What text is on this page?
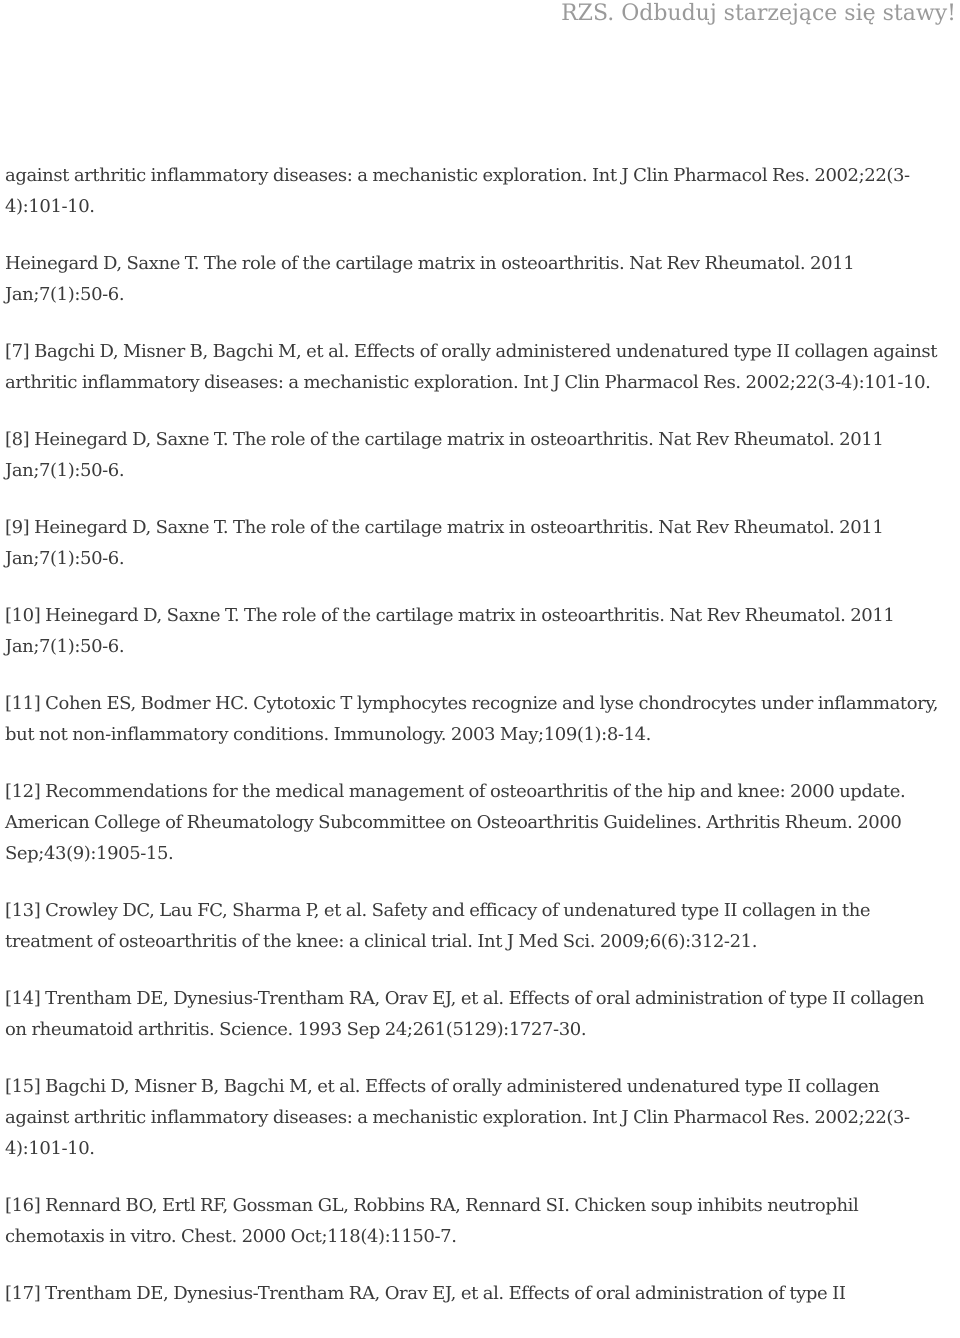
RZS. Odbuduj starzejące się stawy!

against arthritic inflammatory diseases: a mechanistic exploration. Int J Clin Pharmacol Res. 2002;22(3-4):101-10.

Heinegard D, Saxne T. The role of the cartilage matrix in osteoarthritis. Nat Rev Rheumatol. 2011 Jan;7(1):50-6.

[7] Bagchi D, Misner B, Bagchi M, et al. Effects of orally administered undenatured type II collagen against arthritic inflammatory diseases: a mechanistic exploration. Int J Clin Pharmacol Res. 2002;22(3-4):101-10.

[8] Heinegard D, Saxne T. The role of the cartilage matrix in osteoarthritis. Nat Rev Rheumatol. 2011 Jan;7(1):50-6.

[9] Heinegard D, Saxne T. The role of the cartilage matrix in osteoarthritis. Nat Rev Rheumatol. 2011 Jan;7(1):50-6.

[10] Heinegard D, Saxne T. The role of the cartilage matrix in osteoarthritis. Nat Rev Rheumatol. 2011 Jan;7(1):50-6.

[11] Cohen ES, Bodmer HC. Cytotoxic T lymphocytes recognize and lyse chondrocytes under inflammatory, but not non-inflammatory conditions. Immunology. 2003 May;109(1):8-14.

[12] Recommendations for the medical management of osteoarthritis of the hip and knee: 2000 update. American College of Rheumatology Subcommittee on Osteoarthritis Guidelines. Arthritis Rheum. 2000 Sep;43(9):1905-15.

[13] Crowley DC, Lau FC, Sharma P, et al. Safety and efficacy of undenatured type II collagen in the treatment of osteoarthritis of the knee: a clinical trial. Int J Med Sci. 2009;6(6):312-21.

[14] Trentham DE, Dynesius-Trentham RA, Orav EJ, et al. Effects of oral administration of type II collagen on rheumatoid arthritis. Science. 1993 Sep 24;261(5129):1727-30.

[15] Bagchi D, Misner B, Bagchi M, et al. Effects of orally administered undenatured type II collagen against arthritic inflammatory diseases: a mechanistic exploration. Int J Clin Pharmacol Res. 2002;22(3-4):101-10.

[16] Rennard BO, Ertl RF, Gossman GL, Robbins RA, Rennard SI. Chicken soup inhibits neutrophil chemotaxis in vitro. Chest. 2000 Oct;118(4):1150-7.

[17] Trentham DE, Dynesius-Trentham RA, Orav EJ, et al. Effects of oral administration of type II
